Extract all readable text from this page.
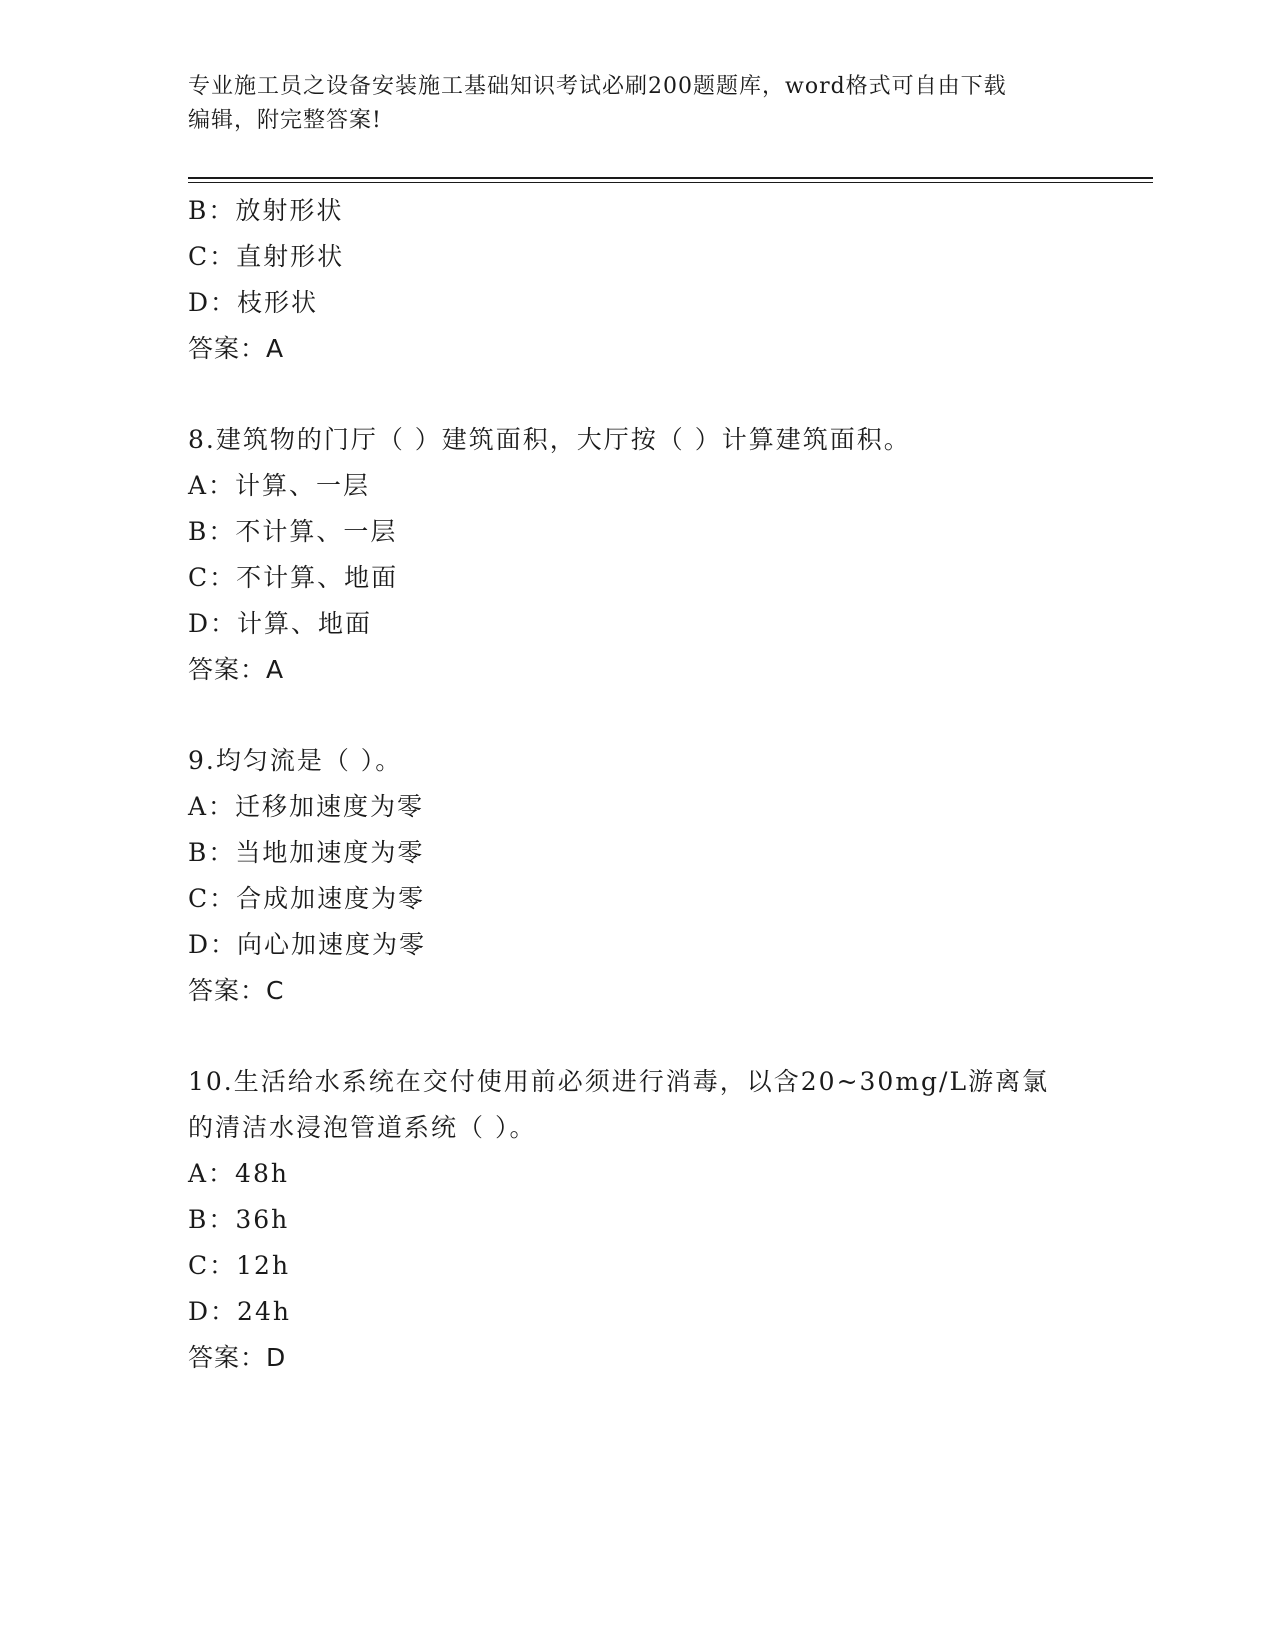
专业施工员之设备安装施工基础知识考试必刷200题题库，word格式可自由下载
编辑，附完整答案!
B：放射形状
C：直射形状
D：枝形状
答案：A
8.建筑物的门厅（ ）建筑面积，大厅按（ ）计算建筑面积。
A：计算、一层
B：不计算、一层
C：不计算、地面
D：计算、地面
答案：A
9.均匀流是（ ）。
A：迁移加速度为零
B：当地加速度为零
C：合成加速度为零
D：向心加速度为零
答案：C
10.生活给水系统在交付使用前必须进行消毒，以含20~30mg/L游离氯
的清洁水浸泡管道系统（ ）。
A：48h
B：36h
C：12h
D：24h
答案：D
